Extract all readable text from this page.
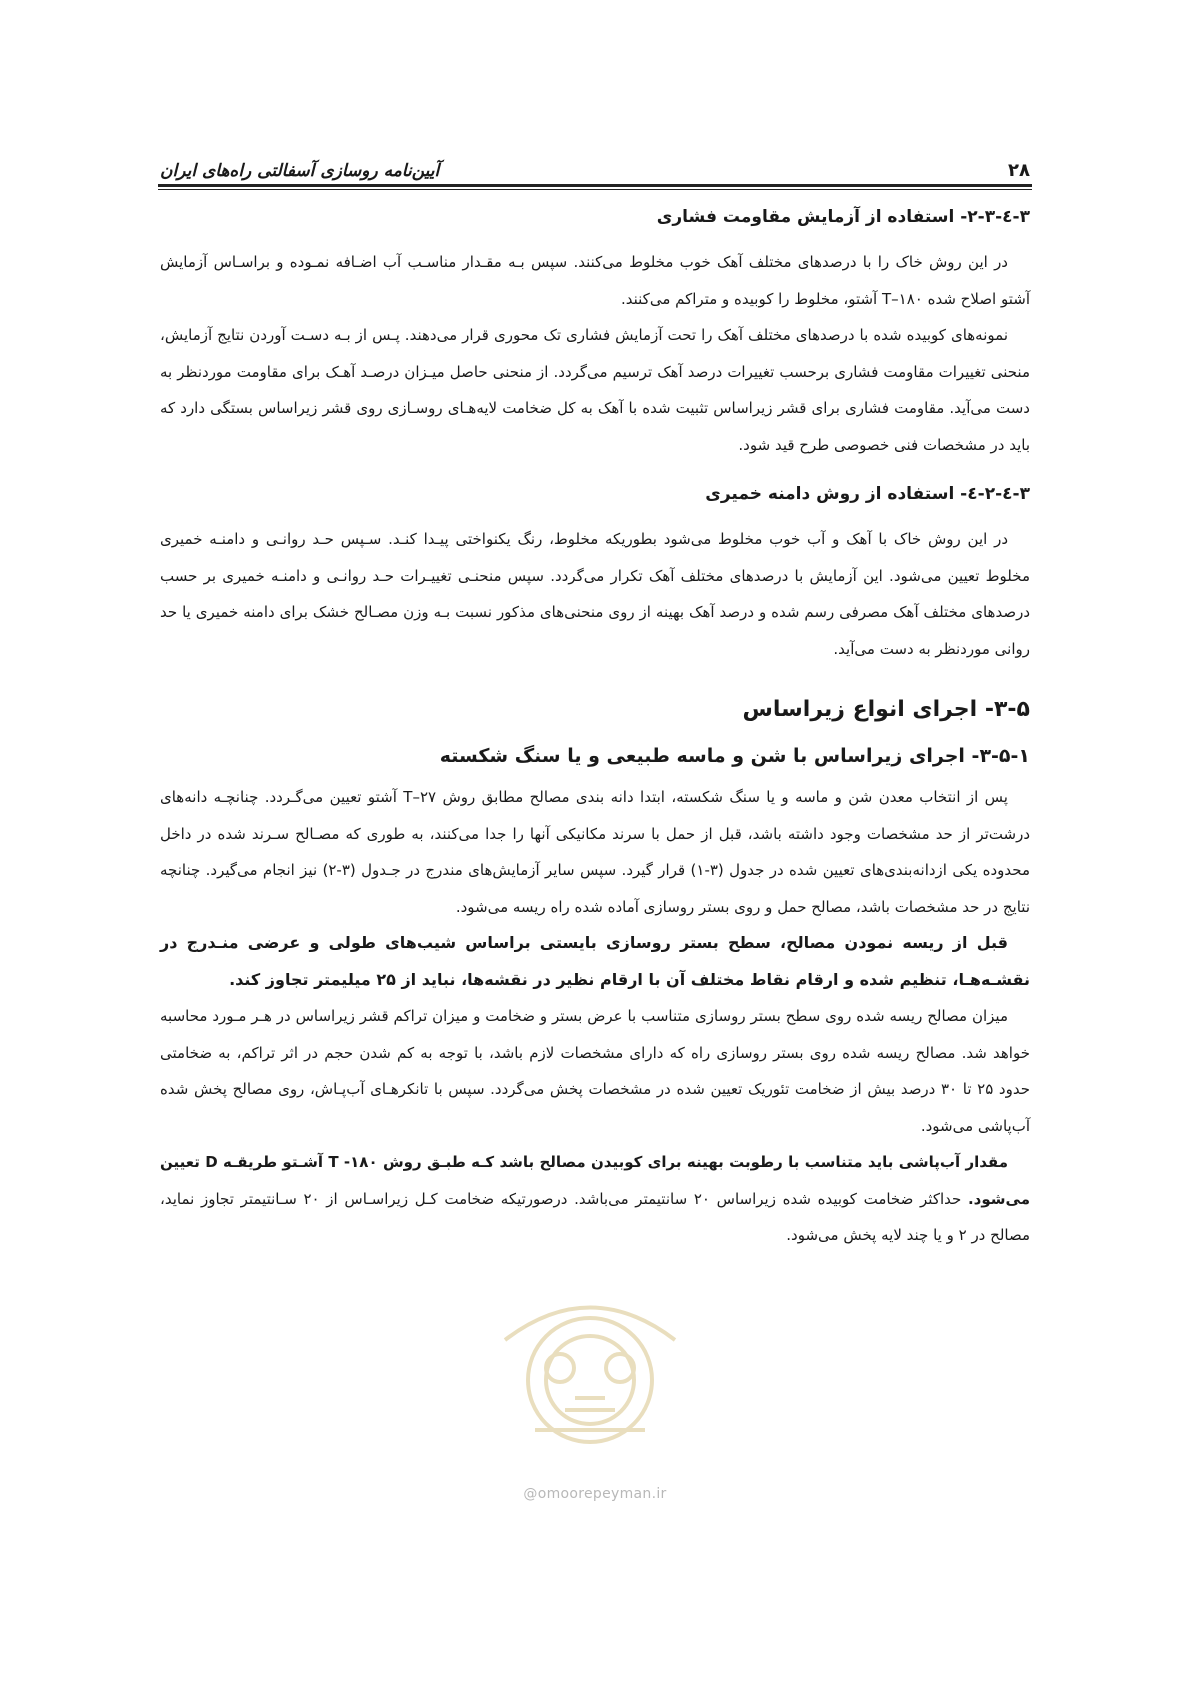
۲۸
آیین‌نامه روسازی آسفالتی راه‌های ایران
۳-٤-۲-۳- استفاده از آزمایش مقاومت فشاری

در این روش خاک را با درصدهای مختلف آهک خوب مخلوط می‌کنند. سپس بـه مقـدار مناسـب آب اضـافه نمـوده و براسـاس آزمایش آشتو اصلاح شده T–۱۸۰ آشتو، مخلوط را کوبیده و متراکم می‌کنند.

نمونه‌های کوبیده شده با درصدهای مختلف آهک را تحت آزمایش فشاری تک محوری قرار می‌دهند. پـس از بـه دسـت آوردن نتایج آزمایش، منحنی تغییرات مقاومت فشاری برحسب تغییرات درصد آهک ترسیم می‌گردد. از منحنی حاصل میـزان درصـد آهـک برای مقاومت موردنظر به دست می‌آید. مقاومت فشاری برای قشر زیراساس تثبیت شده با آهک به کل ضخامت لایه‌هـای روسـازی روی قشر زیراساس بستگی دارد که باید در مشخصات فنی خصوصی طرح قید شود.

۳-٤-۲-٤- استفاده از روش دامنه خمیری

در این روش خاک با آهک و آب خوب مخلوط می‌شود بطوریکه مخلوط، رنگ یکنواختی پیـدا کنـد. سـپس حـد روانـی و دامنـه خمیری مخلوط تعیین می‌شود. این آزمایش با درصدهای مختلف آهک تکرار می‌گردد. سپس منحنـی تغییـرات حـد روانـی و دامنـه خمیری بر حسب درصدهای مختلف آهک مصرفی رسم شده و درصد آهک بهینه از روی منحنی‌های مذکور نسبت بـه وزن مصـالح خشک برای دامنه خمیری یا حد روانی موردنظر به دست می‌آید.

۳-۵- اجرای انواع زیراساس
۳-۵-۱- اجرای زیراساس با شن و ماسه طبیعی و یا سنگ شکسته

پس از انتخاب معدن شن و ماسه و یا سنگ شکسته، ابتدا دانه بندی مصالح مطابق روش T–۲۷ آشتو تعیین می‌گـردد. چنانچـه دانه‌های درشت‌تر از حد مشخصات وجود داشته باشد، قبل از حمل با سرند مکانیکی آنها را جدا می‌کنند، به طوری که مصـالح سـرند شده در داخل محدوده یکی ازدانه‌بندی‌های تعیین شده در جدول (۳-۱) قرار گیرد. سپس سایر آزمایش‌های مندرج در جـدول (۳-۲) نیز انجام می‌گیرد. چنانچه نتایج در حد مشخصات باشد، مصالح حمل و روی بستر روسازی آماده شده راه ریسه می‌شود.

قبل از ریسه نمودن مصالح، سطح بستر روسازی بایستی براساس شیب‌های طولی و عرضی منـدرج در نقشـه‌هـا، تنظیم شده و ارقام نقاط مختلف آن با ارقام نظیر در نقشه‌ها، نباید از ۲۵ میلیمتر تجاوز کند.

میزان مصالح ریسه شده روی سطح بستر روسازی متناسب با عرض بستر و ضخامت و میزان تراکم قشر زیراساس در هـر مـورد محاسبه خواهد شد. مصالح ریسه شده روی بستر روسازی راه که دارای مشخصات لازم باشد، با توجه به کم شدن حجم در اثر تراکم، به ضخامتی حدود ۲۵ تا ۳۰ درصد بیش از ضخامت تئوریک تعیین شده در مشخصات پخش می‌گردد. سپس با تانکرهـای آب‌پـاش، روی مصالح پخش شده آب‌پاشی می‌شود.

مقدار آب‌پاشی باید متناسب با رطوبت بهینه برای کوبیدن مصالح باشد کـه طبـق روش ۱۸۰- T آشـتو طریقـه D تعیین می‌شود. حداکثر ضخامت کوبیده شده زیراساس ۲۰ سانتیمتر می‌باشد. درصورتیکه ضخامت کـل زیراسـاس از ۲۰ سـانتیمتر تجاوز نماید، مصالح در ۲ و یا چند لایه پخش می‌شود.

@omoorepeyman.ir
